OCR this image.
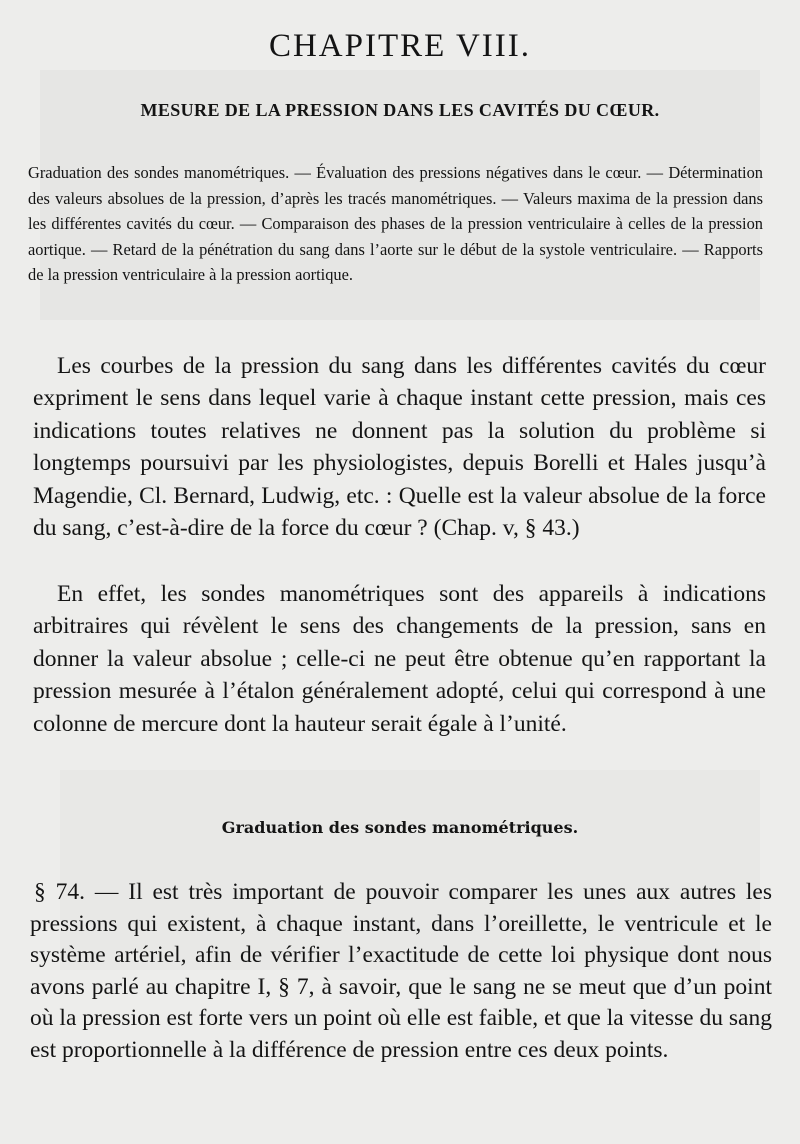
CHAPITRE VIII.
MESURE DE LA PRESSION DANS LES CAVITÉS DU CŒUR.

Graduation des sondes manométriques. — Évaluation des pressions négatives dans le cœur. — Détermination des valeurs absolues de la pression, d’après les tracés manométriques. — Valeurs maxima de la pression dans les différentes cavités du cœur. — Comparaison des phases de la pression ventriculaire à celles de la pression aortique. — Retard de la pénétration du sang dans l’aorte sur le début de la systole ventriculaire. — Rapports de la pression ventriculaire à la pression aortique.

Les courbes de la pression du sang dans les différentes cavités du cœur expriment le sens dans lequel varie à chaque instant cette pression, mais ces indications toutes relatives ne donnent pas la solution du problème si longtemps poursuivi par les physiologistes, depuis Borelli et Hales jusqu’à Magendie, Cl. Bernard, Ludwig, etc. : Quelle est la valeur absolue de la force du sang, c’est-à-dire de la force du cœur ? (Chap. v, § 43.)

En effet, les sondes manométriques sont des appareils à indications arbitraires qui révèlent le sens des changements de la pression, sans en donner la valeur absolue ; celle-ci ne peut être obtenue qu’en rapportant la pression mesurée à l’étalon généralement adopté, celui qui correspond à une colonne de mercure dont la hauteur serait égale à l’unité.

Graduation des sondes manométriques.

§ 74. — Il est très important de pouvoir comparer les unes aux autres les pressions qui existent, à chaque instant, dans l’oreillette, le ventricule et le système artériel, afin de vérifier l’exactitude de cette loi physique dont nous avons parlé au chapitre I, § 7, à savoir, que le sang ne se meut que d’un point où la pression est forte vers un point où elle est faible, et que la vitesse du sang est proportionnelle à la différence de pression entre ces deux points.
